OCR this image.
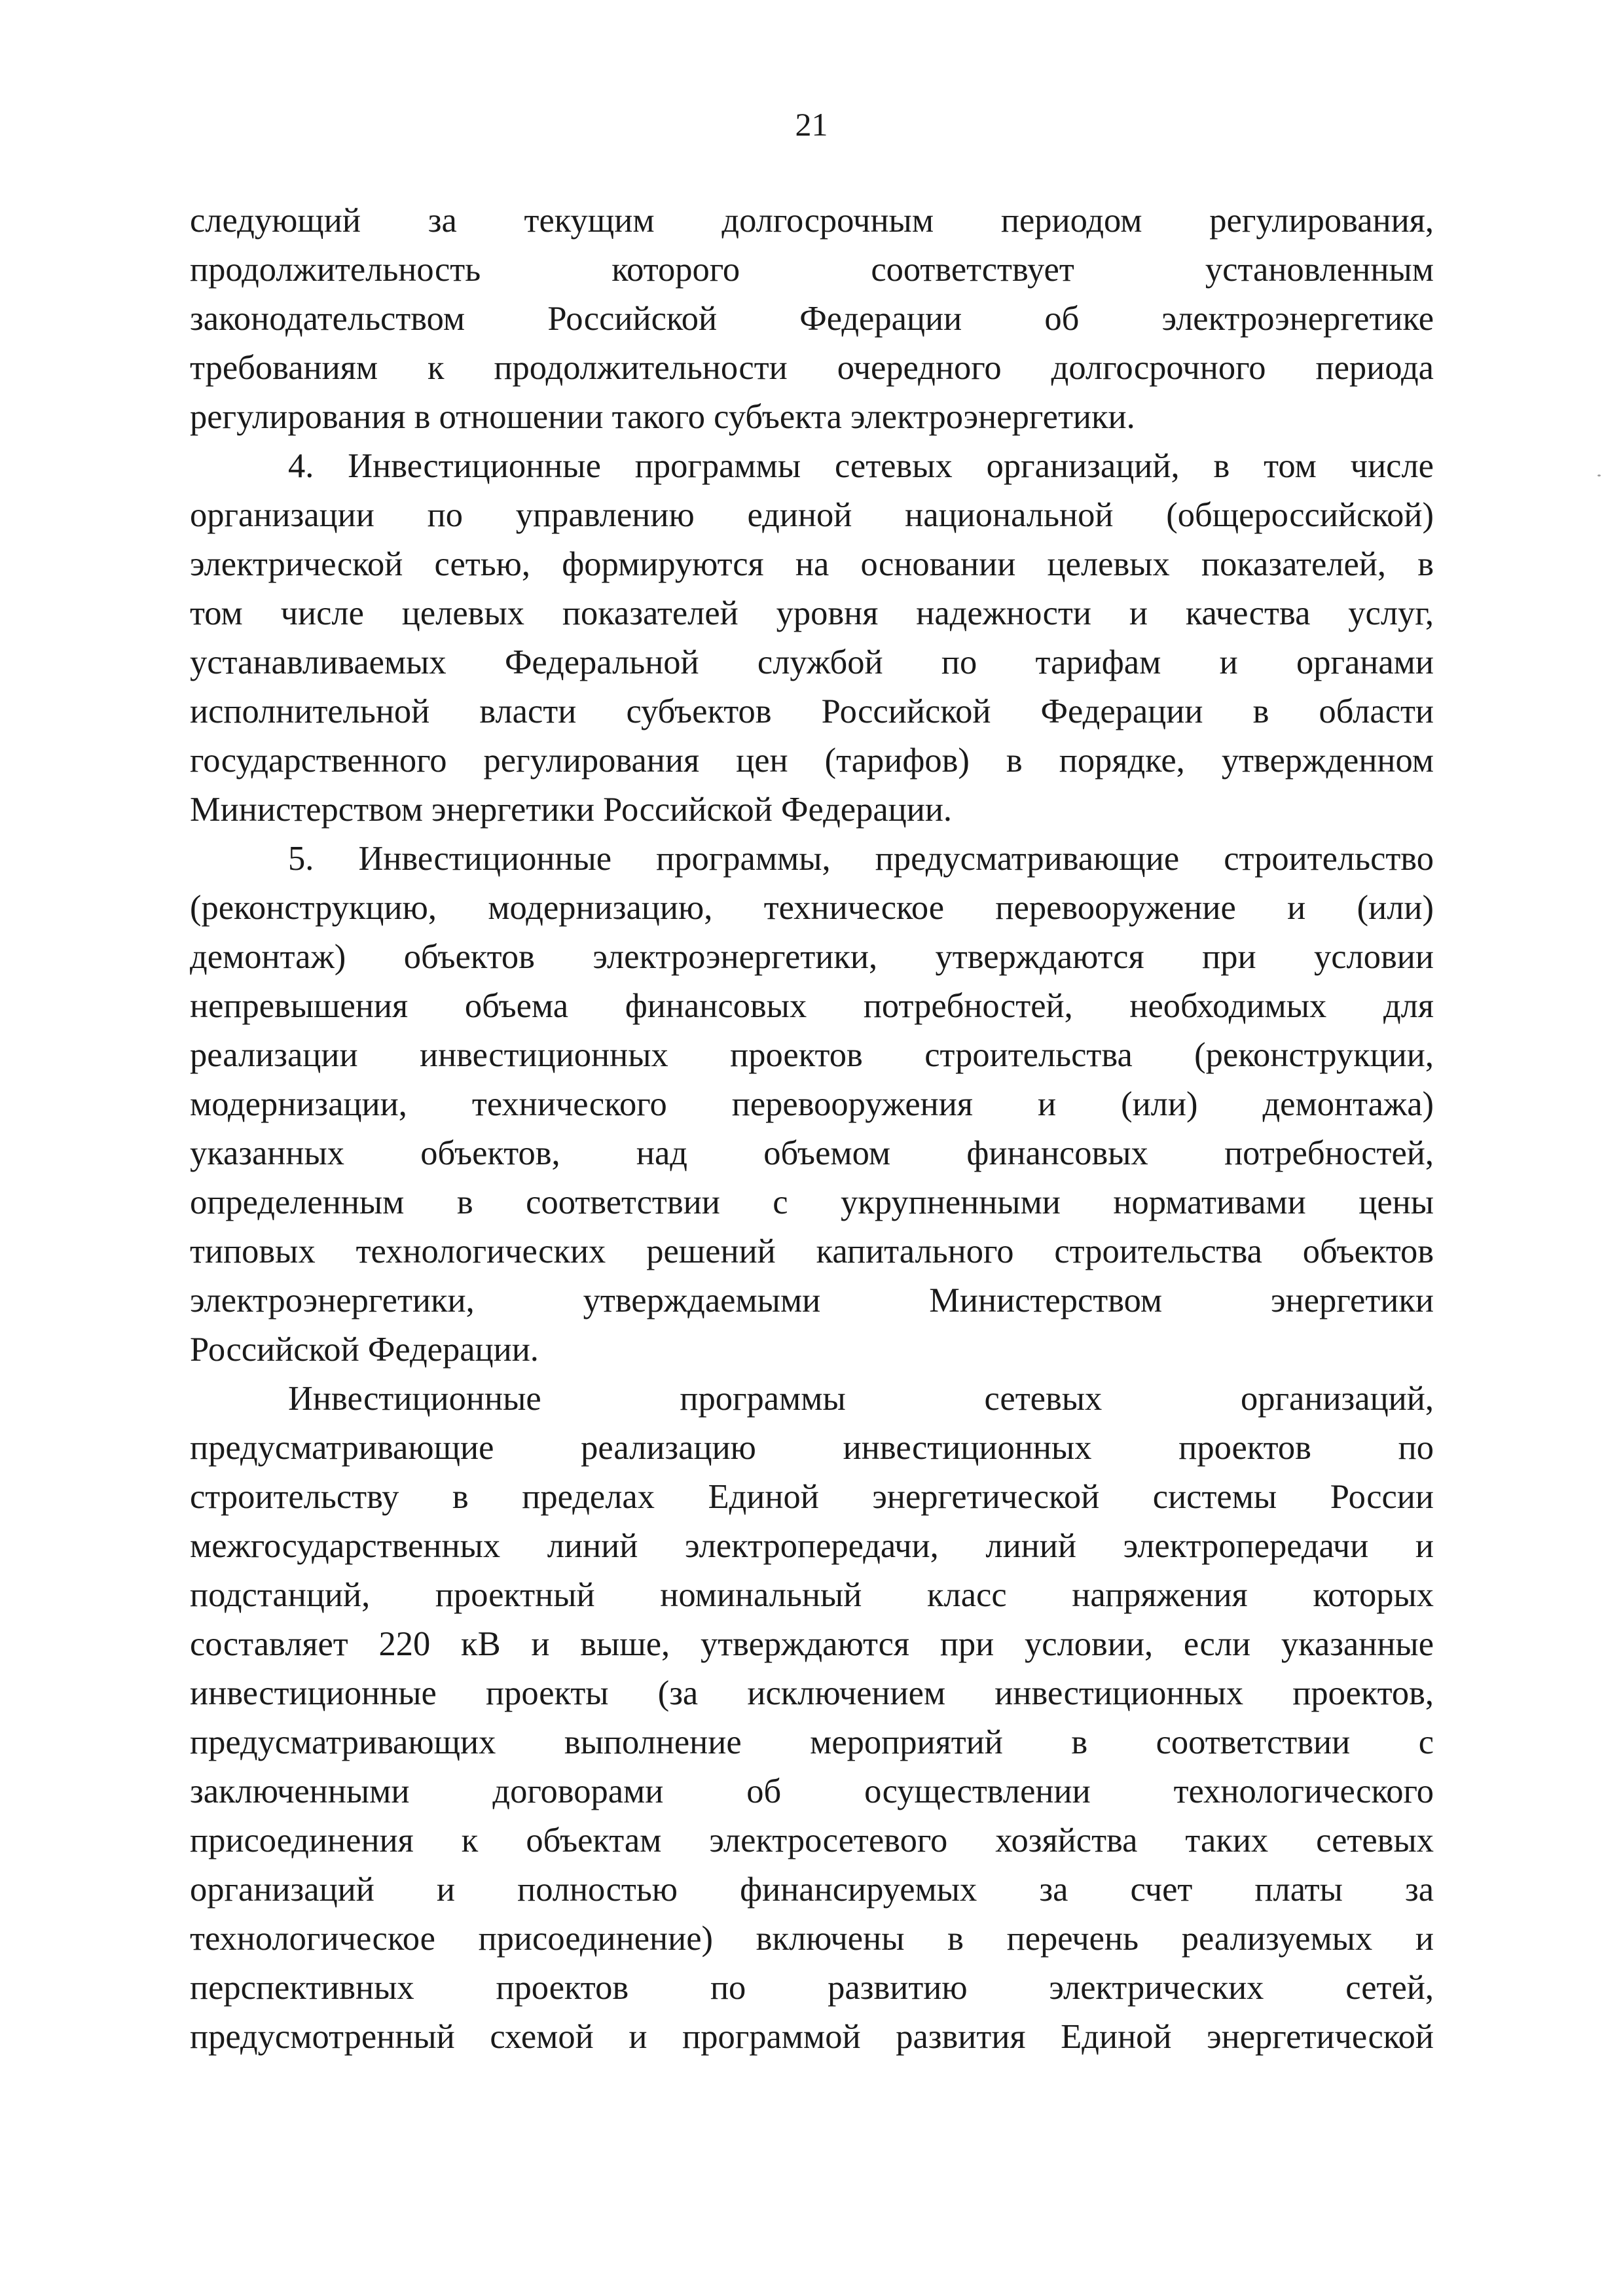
21

следующий за текущим долгосрочным периодом регулирования,

продолжительность которого соответствует установленным

законодательством Российской Федерации об электроэнергетике

требованиям к продолжительности очередного долгосрочного периода

регулирования в отношении такого субъекта электроэнергетики.

4. Инвестиционные программы сетевых организаций, в том числе

организации по управлению единой национальной (общероссийской)

электрической сетью, формируются на основании целевых показателей, в

том числе целевых показателей уровня надежности и качества услуг,

устанавливаемых Федеральной службой по тарифам и органами

исполнительной власти субъектов Российской Федерации в области

государственного регулирования цен (тарифов) в порядке, утвержденном

Министерством энергетики Российской Федерации.

5. Инвестиционные программы, предусматривающие строительство

(реконструкцию, модернизацию, техническое перевооружение и (или)

демонтаж) объектов электроэнергетики, утверждаются при условии

непревышения объема финансовых потребностей, необходимых для

реализации инвестиционных проектов строительства (реконструкции,

модернизации, технического перевооружения и (или) демонтажа)

указанных объектов, над объемом финансовых потребностей,

определенным в соответствии с укрупненными нормативами цены

типовых технологических решений капитального строительства объектов

электроэнергетики, утверждаемыми Министерством энергетики

Российской Федерации.

Инвестиционные программы сетевых организаций,

предусматривающие реализацию инвестиционных проектов по

строительству в пределах Единой энергетической системы России

межгосударственных линий электропередачи, линий электропередачи и

подстанций, проектный номинальный класс напряжения которых

составляет 220 кВ и выше, утверждаются при условии, если указанные

инвестиционные проекты (за исключением инвестиционных проектов,

предусматривающих выполнение мероприятий в соответствии с

заключенными договорами об осуществлении технологического

присоединения к объектам электросетевого хозяйства таких сетевых

организаций и полностью финансируемых за счет платы за

технологическое присоединение) включены в перечень реализуемых и

перспективных проектов по развитию электрических сетей,

предусмотренный схемой и программой развития Единой энергетической
